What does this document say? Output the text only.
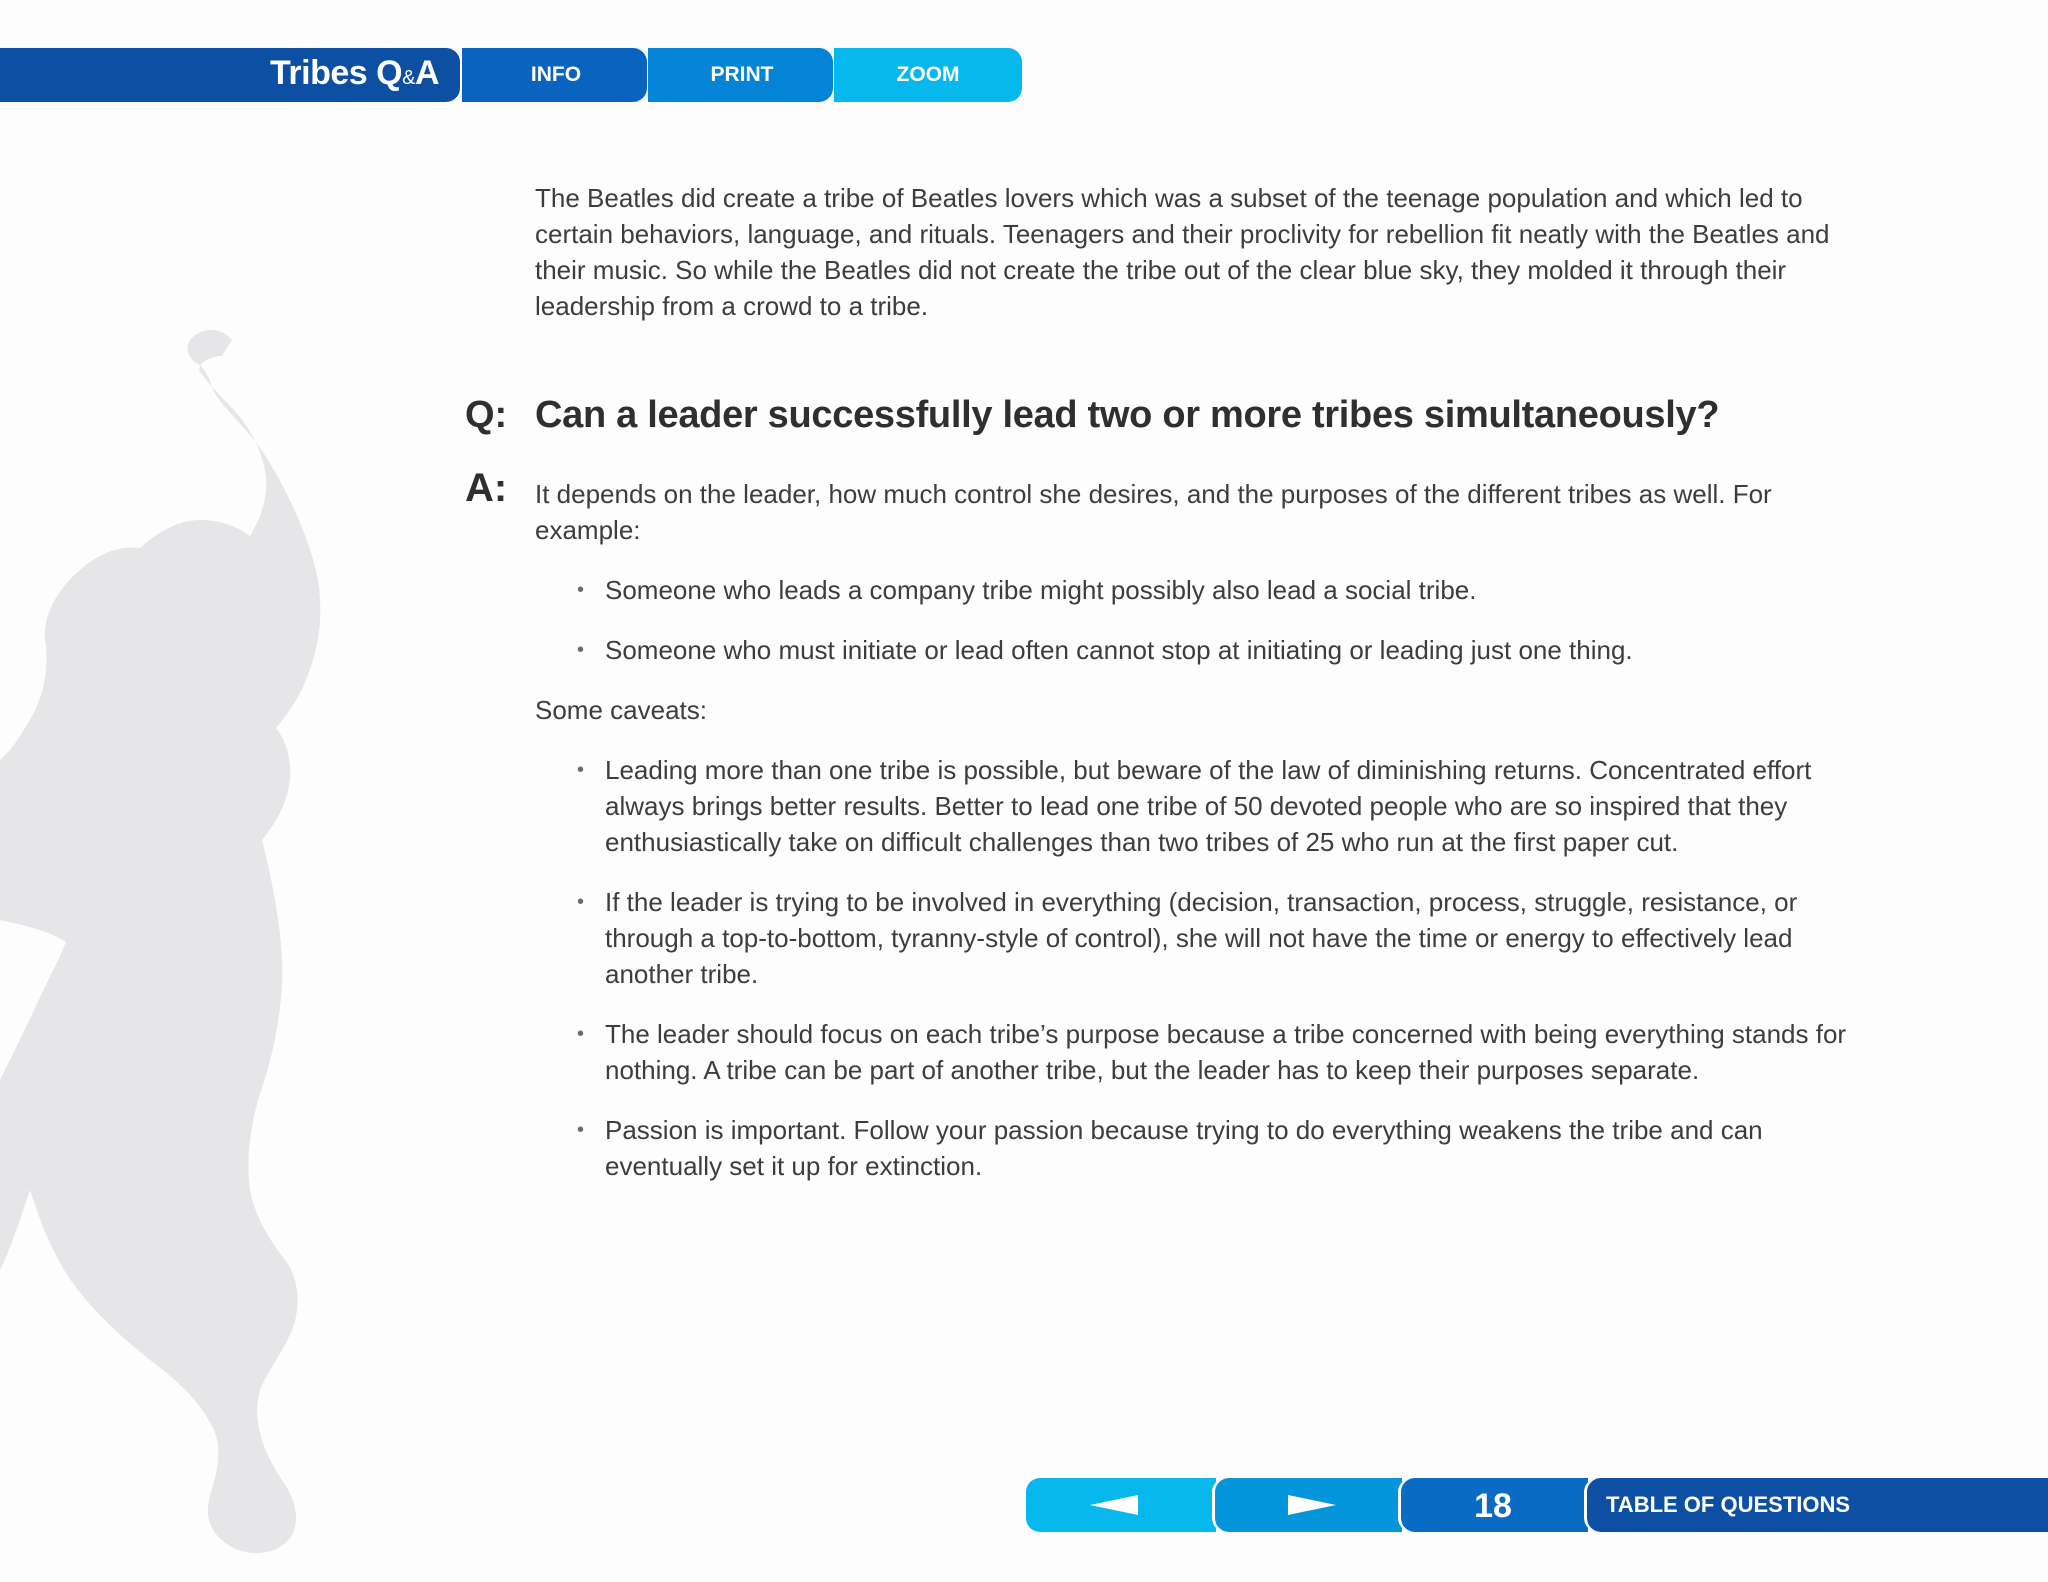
Tribes Q&A	INFO	PRINT	ZOOM

The Beatles did create a tribe of Beatles lovers which was a subset of the teenage population and which led to certain behaviors, language, and rituals. Teenagers and their proclivity for rebellion fit neatly with the Beatles and their music. So while the Beatles did not create the tribe out of the clear blue sky, they molded it through their leadership from a crowd to a tribe.

Q: Can a leader successfully lead two or more tribes simultaneously?
A: It depends on the leader, how much control she desires, and the purposes of the different tribes as well. For example:

• Someone who leads a company tribe might possibly also lead a social tribe.
• Someone who must initiate or lead often cannot stop at initiating or leading just one thing.

Some caveats:

• Leading more than one tribe is possible, but beware of the law of diminishing returns. Concentrated effort always brings better results. Better to lead one tribe of 50 devoted people who are so inspired that they enthusiastically take on difficult challenges than two tribes of 25 who run at the first paper cut.
• If the leader is trying to be involved in everything (decision, transaction, process, struggle, resistance, or through a top-to-bottom, tyranny-style of control), she will not have the time or energy to effectively lead another tribe.
• The leader should focus on each tribe’s purpose because a tribe concerned with being everything stands for nothing. A tribe can be part of another tribe, but the leader has to keep their purposes separate.
• Passion is important. Follow your passion because trying to do everything weakens the tribe and can eventually set it up for extinction.
18	TABLE OF QUESTIONS
